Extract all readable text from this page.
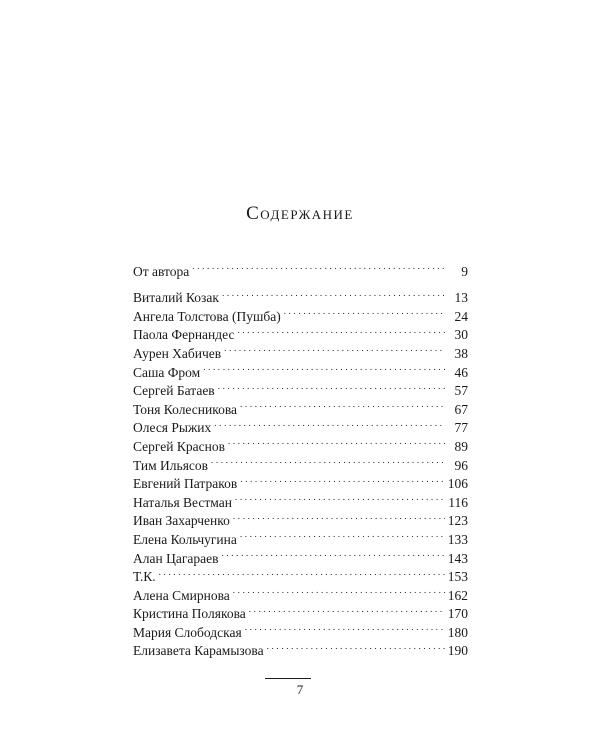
Содержание
От автора . . .	9
Виталий Козак . . .	13
Ангела Толстова (Пушба) . . .	24
Паола Фернандес . . .	30
Аурен Хабичев . . .	38
Саша Фром . . .	46
Сергей Батаев . . .	57
Тоня Колесникова . . .	67
Олеся Рыжих . . .	77
Сергей Краснов . . .	89
Тим Ильясов . . .	96
Евгений Патраков . . .	106
Наталья Вестман . . .	116
Иван Захарченко . . .	123
Елена Кольчугина . . .	133
Алан Цагараев . . .	143
Т.К. . . .	153
Алена Смирнова . . .	162
Кристина Полякова . . .	170
Мария Слободская . . .	180
Елизавета Карамызова . . .	190
7
